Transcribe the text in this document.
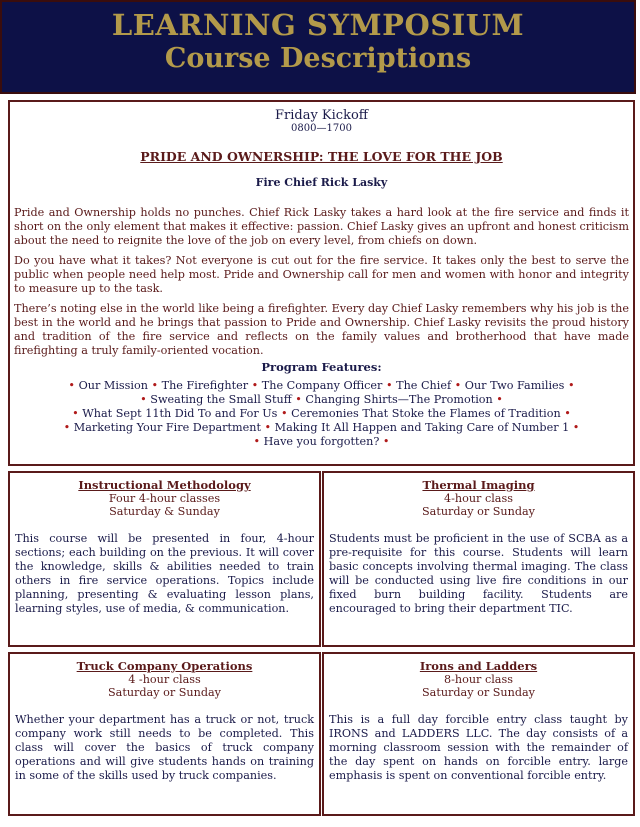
LEARNING SYMPOSIUM
Course Descriptions
Friday Kickoff
0800—1700
PRIDE AND OWNERSHIP: THE LOVE FOR THE JOB
Fire Chief Rick Lasky

Pride and Ownership holds no punches. Chief Rick Lasky takes a hard look at the fire service and finds it short on the only element that makes it effective: passion. Chief Lasky gives an upfront and honest criticism about the need to reignite the love of the job on every level, from chiefs on down.

Do you have what it takes? Not everyone is cut out for the fire service. It takes only the best to serve the public when people need help most. Pride and Ownership call for men and women with honor and integrity to measure up to the task.

There’s noting else in the world like being a firefighter. Every day Chief Lasky remembers why his job is the best in the world and he brings that passion to Pride and Ownership. Chief Lasky revisits the proud history and tradition of the fire service and reflects on the family values and brotherhood that have made firefighting a truly family-oriented vocation.

Program Features:
• Our Mission • The Firefighter • The Company Officer • The Chief • Our Two Families •
• Sweating the Small Stuff • Changing Shirts—The Promotion •
• What Sept 11th Did To and For Us • Ceremonies That Stoke the Flames of Tradition •
• Marketing Your Fire Department • Making It All Happen and Taking Care of Number 1 •
• Have you forgotten? •
Instructional Methodology
Four 4-hour classes
Saturday & Sunday
This course will be presented in four, 4-hour sections; each building on the previous. It will cover the knowledge, skills & abilities needed to train others in fire service operations. Topics include planning, presenting & evaluating lesson plans, learning styles, use of media, & communication.
Thermal Imaging
4-hour class
Saturday or Sunday
Students must be proficient in the use of SCBA as a pre-requisite for this course. Students will learn basic concepts involving thermal imaging. The class will be conducted using live fire conditions in our fixed burn building facility. Students are encouraged to bring their department TIC.
Truck Company Operations
4 -hour class
Saturday or Sunday
Whether your department has a truck or not, truck company work still needs to be completed. This class will cover the basics of truck company operations and will give students hands on training in some of the skills used by truck companies.
Irons and Ladders
8-hour class
Saturday or Sunday
This is a full day forcible entry class taught by IRONS and LADDERS LLC. The day consists of a morning classroom session with the remainder of the day spent on hands on forcible entry. large emphasis is spent on conventional forcible entry.
